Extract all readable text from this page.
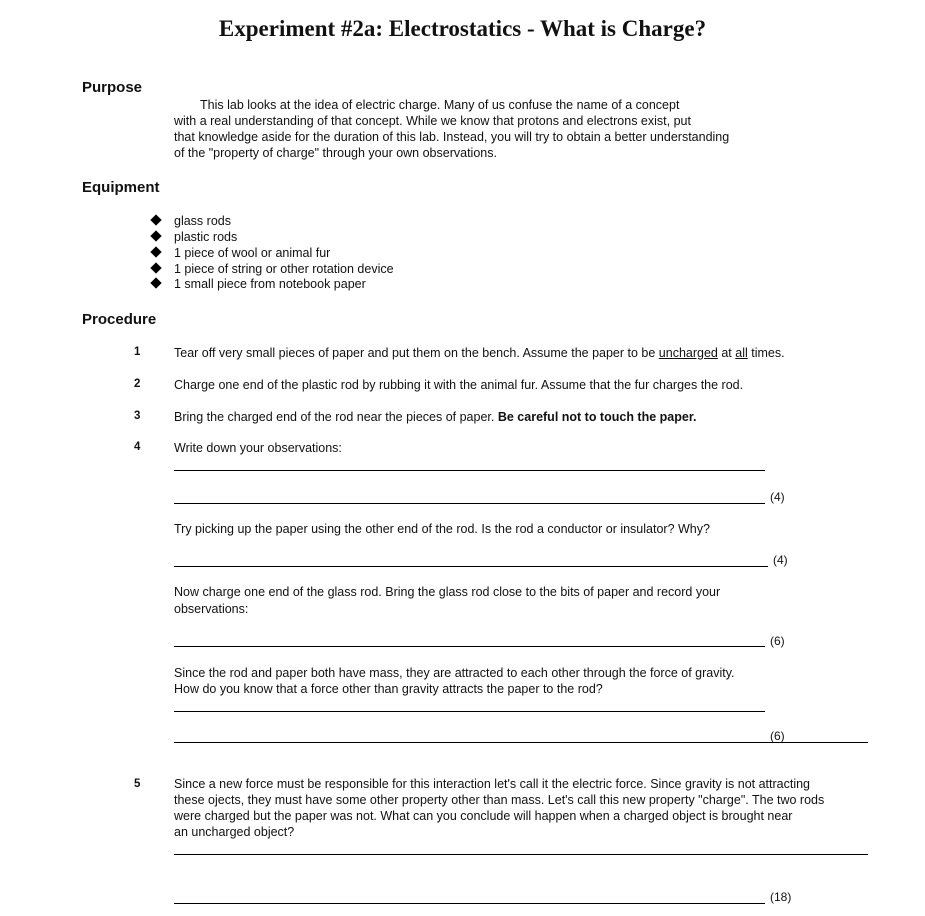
Experiment #2a: Electrostatics - What is Charge?
Purpose
This lab looks at the idea of electric charge. Many of us confuse the name of a concept
with a real understanding of that concept. While we know that protons and electrons exist, put
that knowledge aside for the duration of this lab. Instead, you will try to obtain a better understanding
of the "property of charge" through your own observations.
Equipment
glass rods
plastic rods
1 piece of wool or animal fur
1 piece of string or other rotation device
1 small piece from notebook paper
Procedure
1	Tear off very small pieces of paper and put them on the bench. Assume the paper to be uncharged at all times.
2	Charge one end of the plastic rod by rubbing it with the animal fur. Assume that the fur charges the rod.
3	Bring the charged end of the rod near the pieces of paper. Be careful not to touch the paper.
4	Write down your observations:
(4)
Try picking up the paper using the other end of the rod. Is the rod a conductor or insulator? Why?
(4)
Now charge one end of the glass rod. Bring the glass rod close to the bits of paper and record your
observations:
(6)
Since the rod and paper both have mass, they are attracted to each other through the force of gravity.
How do you know that a force other than gravity attracts the paper to the rod?
(6)
5	Since a new force must be responsible for this interaction let's call it the electric force. Since gravity is not attracting
these ojects, they must have some other property other than mass. Let's call this new property "charge". The two rods
were charged but the paper was not. What can you conclude will happen when a charged object is brought near
an uncharged object?
(18)
